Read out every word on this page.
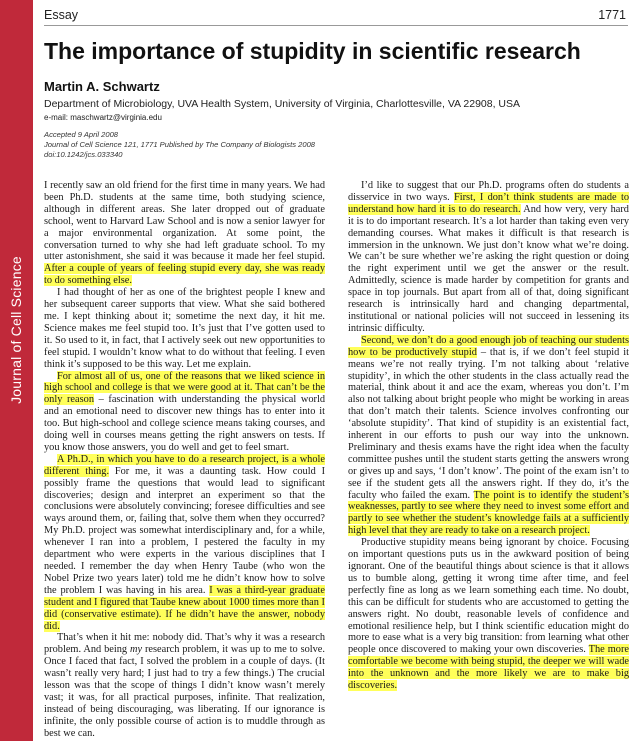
Journal of Cell Science
Essay	1771
The importance of stupidity in scientific research
Martin A. Schwartz
Department of Microbiology, UVA Health System, University of Virginia, Charlottesville, VA 22908, USA
e-mail: maschwartz@virginia.edu
Accepted 9 April 2008
Journal of Cell Science 121, 1771 Published by The Company of Biologists 2008
doi:10.1242/jcs.033340

I recently saw an old friend for the first time in many years. We had been Ph.D. students at the same time, both studying science, although in different areas. She later dropped out of graduate school, went to Harvard Law School and is now a senior lawyer for a major environmental organization. At some point, the conversation turned to why she had left graduate school. To my utter astonishment, she said it was because it made her feel stupid. After a couple of years of feeling stupid every day, she was ready to do something else.

I had thought of her as one of the brightest people I knew and her subsequent career supports that view. What she said bothered me. I kept thinking about it; sometime the next day, it hit me. Science makes me feel stupid too. It’s just that I’ve gotten used to it. So used to it, in fact, that I actively seek out new opportunities to feel stupid. I wouldn’t know what to do without that feeling. I even think it’s supposed to be this way. Let me explain.

For almost all of us, one of the reasons that we liked science in high school and college is that we were good at it. That can’t be the only reason – fascination with understanding the physical world and an emotional need to discover new things has to enter into it too. But high-school and college science means taking courses, and doing well in courses means getting the right answers on tests. If you know those answers, you do well and get to feel smart.

A Ph.D., in which you have to do a research project, is a whole different thing. For me, it was a daunting task. How could I possibly frame the questions that would lead to significant discoveries; design and interpret an experiment so that the conclusions were absolutely convincing; foresee difficulties and see ways around them, or, failing that, solve them when they occurred? My Ph.D. project was somewhat interdisciplinary and, for a while, whenever I ran into a problem, I pestered the faculty in my department who were experts in the various disciplines that I needed. I remember the day when Henry Taube (who won the Nobel Prize two years later) told me he didn’t know how to solve the problem I was having in his area. I was a third-year graduate student and I figured that Taube knew about 1000 times more than I did (conservative estimate). If he didn’t have the answer, nobody did.

That’s when it hit me: nobody did. That’s why it was a research problem. And being my research problem, it was up to me to solve. Once I faced that fact, I solved the problem in a couple of days. (It wasn’t really very hard; I just had to try a few things.) The crucial lesson was that the scope of things I didn’t know wasn’t merely vast; it was, for all practical purposes, infinite. That realization, instead of being discouraging, was liberating. If our ignorance is infinite, the only possible course of action is to muddle through as best we can.

I’d like to suggest that our Ph.D. programs often do students a disservice in two ways. First, I don’t think students are made to understand how hard it is to do research. And how very, very hard it is to do important research. It’s a lot harder than taking even very demanding courses. What makes it difficult is that research is immersion in the unknown. We just don’t know what we’re doing. We can’t be sure whether we’re asking the right question or doing the right experiment until we get the answer or the result. Admittedly, science is made harder by competition for grants and space in top journals. But apart from all of that, doing significant research is intrinsically hard and changing departmental, institutional or national policies will not succeed in lessening its intrinsic difficulty.

Second, we don’t do a good enough job of teaching our students how to be productively stupid – that is, if we don’t feel stupid it means we’re not really trying. I’m not talking about ‘relative stupidity’, in which the other students in the class actually read the material, think about it and ace the exam, whereas you don’t. I’m also not talking about bright people who might be working in areas that don’t match their talents. Science involves confronting our ‘absolute stupidity’. That kind of stupidity is an existential fact, inherent in our efforts to push our way into the unknown. Preliminary and thesis exams have the right idea when the faculty committee pushes until the student starts getting the answers wrong or gives up and says, ‘I don’t know’. The point of the exam isn’t to see if the student gets all the answers right. If they do, it’s the faculty who failed the exam. The point is to identify the student’s weaknesses, partly to see where they need to invest some effort and partly to see whether the student’s knowledge fails at a sufficiently high level that they are ready to take on a research project.

Productive stupidity means being ignorant by choice. Focusing on important questions puts us in the awkward position of being ignorant. One of the beautiful things about science is that it allows us to bumble along, getting it wrong time after time, and feel perfectly fine as long as we learn something each time. No doubt, this can be difficult for students who are accustomed to getting the answers right. No doubt, reasonable levels of confidence and emotional resilience help, but I think scientific education might do more to ease what is a very big transition: from learning what other people once discovered to making your own discoveries. The more comfortable we become with being stupid, the deeper we will wade into the unknown and the more likely we are to make big discoveries.
